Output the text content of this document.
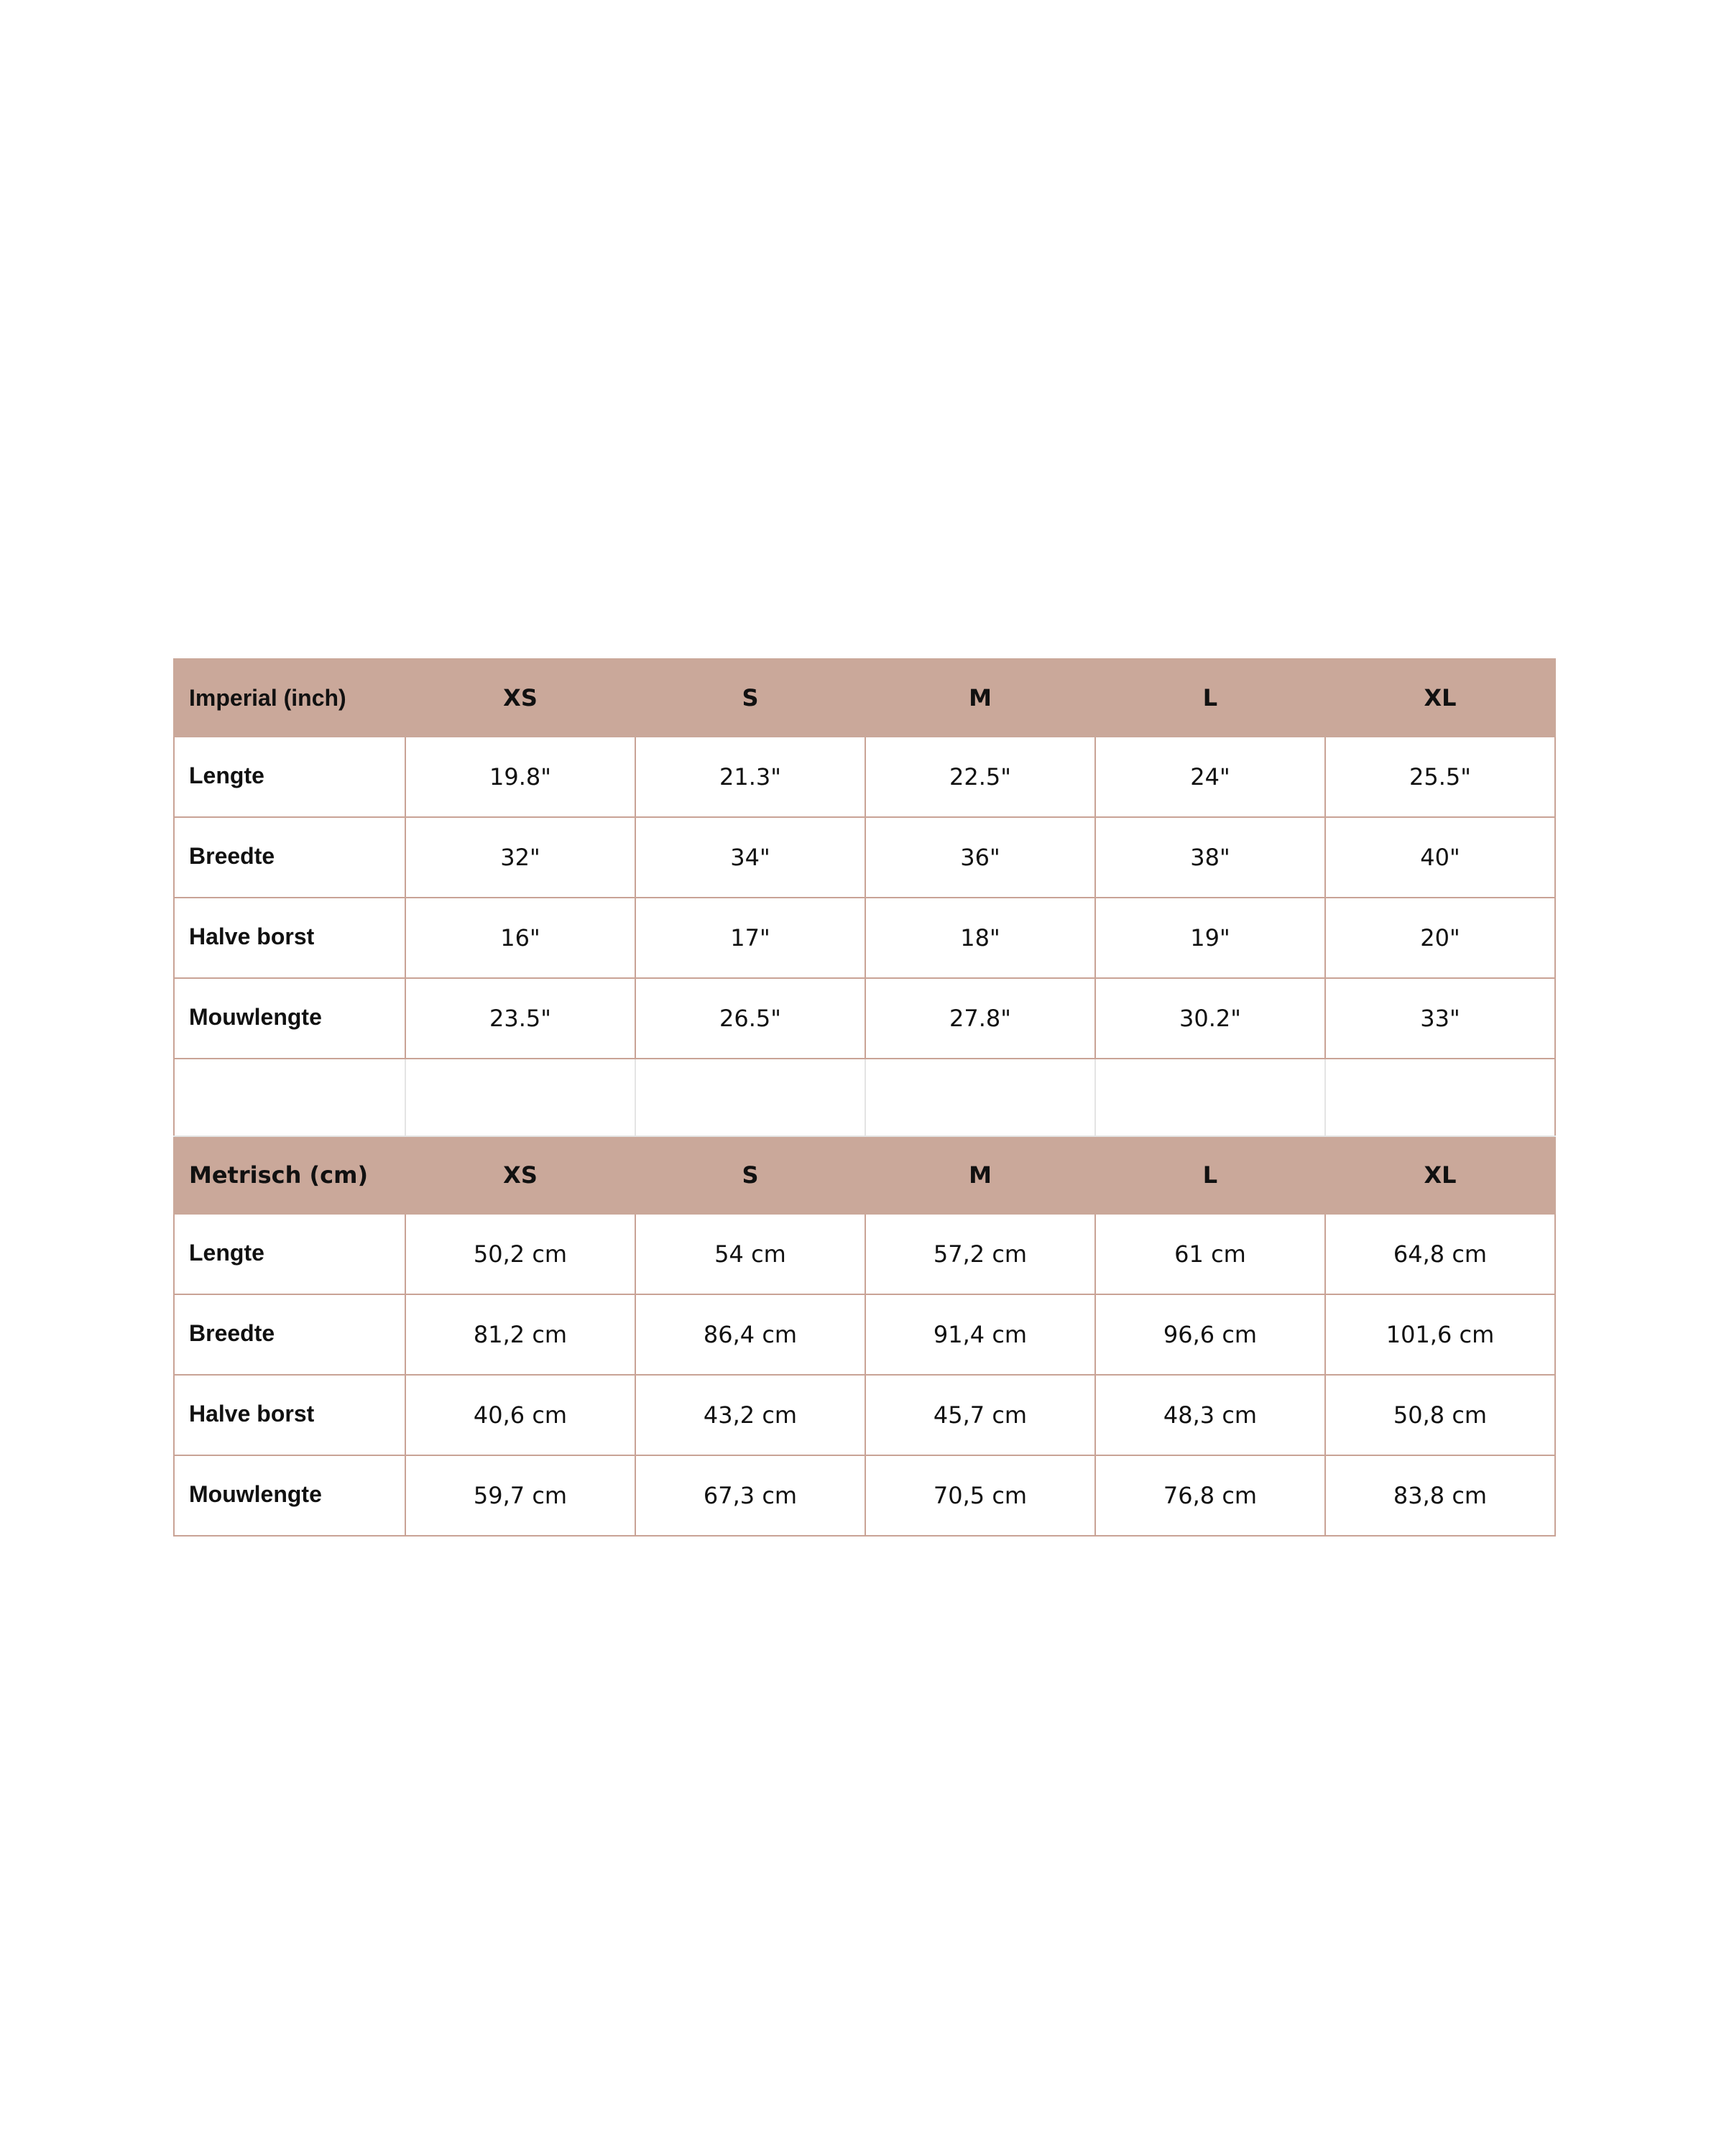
Imperial (inch)	XS	S	M	L	XL
Lengte	19.8"	21.3"	22.5"	24"	25.5"
Breedte	32"	34"	36"	38"	40"
Halve borst	16"	17"	18"	19"	20"
Mouwlengte	23.5"	26.5"	27.8"	30.2"	33"

Metrisch (cm)	XS	S	M	L	XL
Lengte	50,2 cm	54 cm	57,2 cm	61 cm	64,8 cm
Breedte	81,2 cm	86,4 cm	91,4 cm	96,6 cm	101,6 cm
Halve borst	40,6 cm	43,2 cm	45,7 cm	48,3 cm	50,8 cm
Mouwlengte	59,7 cm	67,3 cm	70,5 cm	76,8 cm	83,8 cm
